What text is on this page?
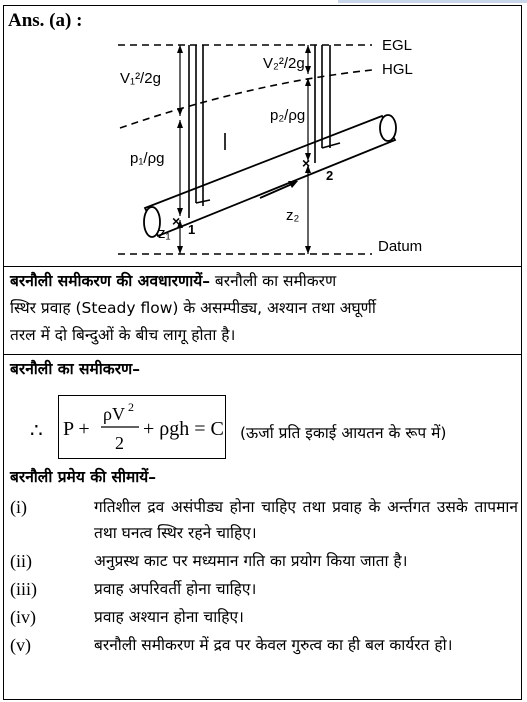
Ans. (a) :
EGL
HGL
Datum
×
×
V₁²/2g
V₂²/2g
p₁/ρg
p₂/ρg
z₁
z₂
1
2
बरनौली समीकरण की अवधारणायें– बरनौली का समीकरण
स्थिर प्रवाह (Steady flow) के असम्पीड्य, अश्यान तथा अघूर्णी
तरल में दो बिन्दुओं के बीच लागू होता है।
बरनौली का समीकरण–
∴ P +
ρV 2
2
+ ρgh = C (ऊर्जा प्रति इकाई आयतन के रूप में)
बरनौली प्रमेय की सीमायें–
(i)	गतिशील द्रव असंपीड्य होना चाहिए तथा प्रवाह के अर्न्तगत उसके तापमान तथा घनत्व स्थिर रहने चाहिए।
(ii)	अनुप्रस्थ काट पर मध्यमान गति का प्रयोग किया जाता है।
(iii)	प्रवाह अपरिवर्ती होना चाहिए।
(iv)	प्रवाह अश्यान होना चाहिए।
(v)	बरनौली समीकरण में द्रव पर केवल गुरुत्व का ही बल कार्यरत हो।
